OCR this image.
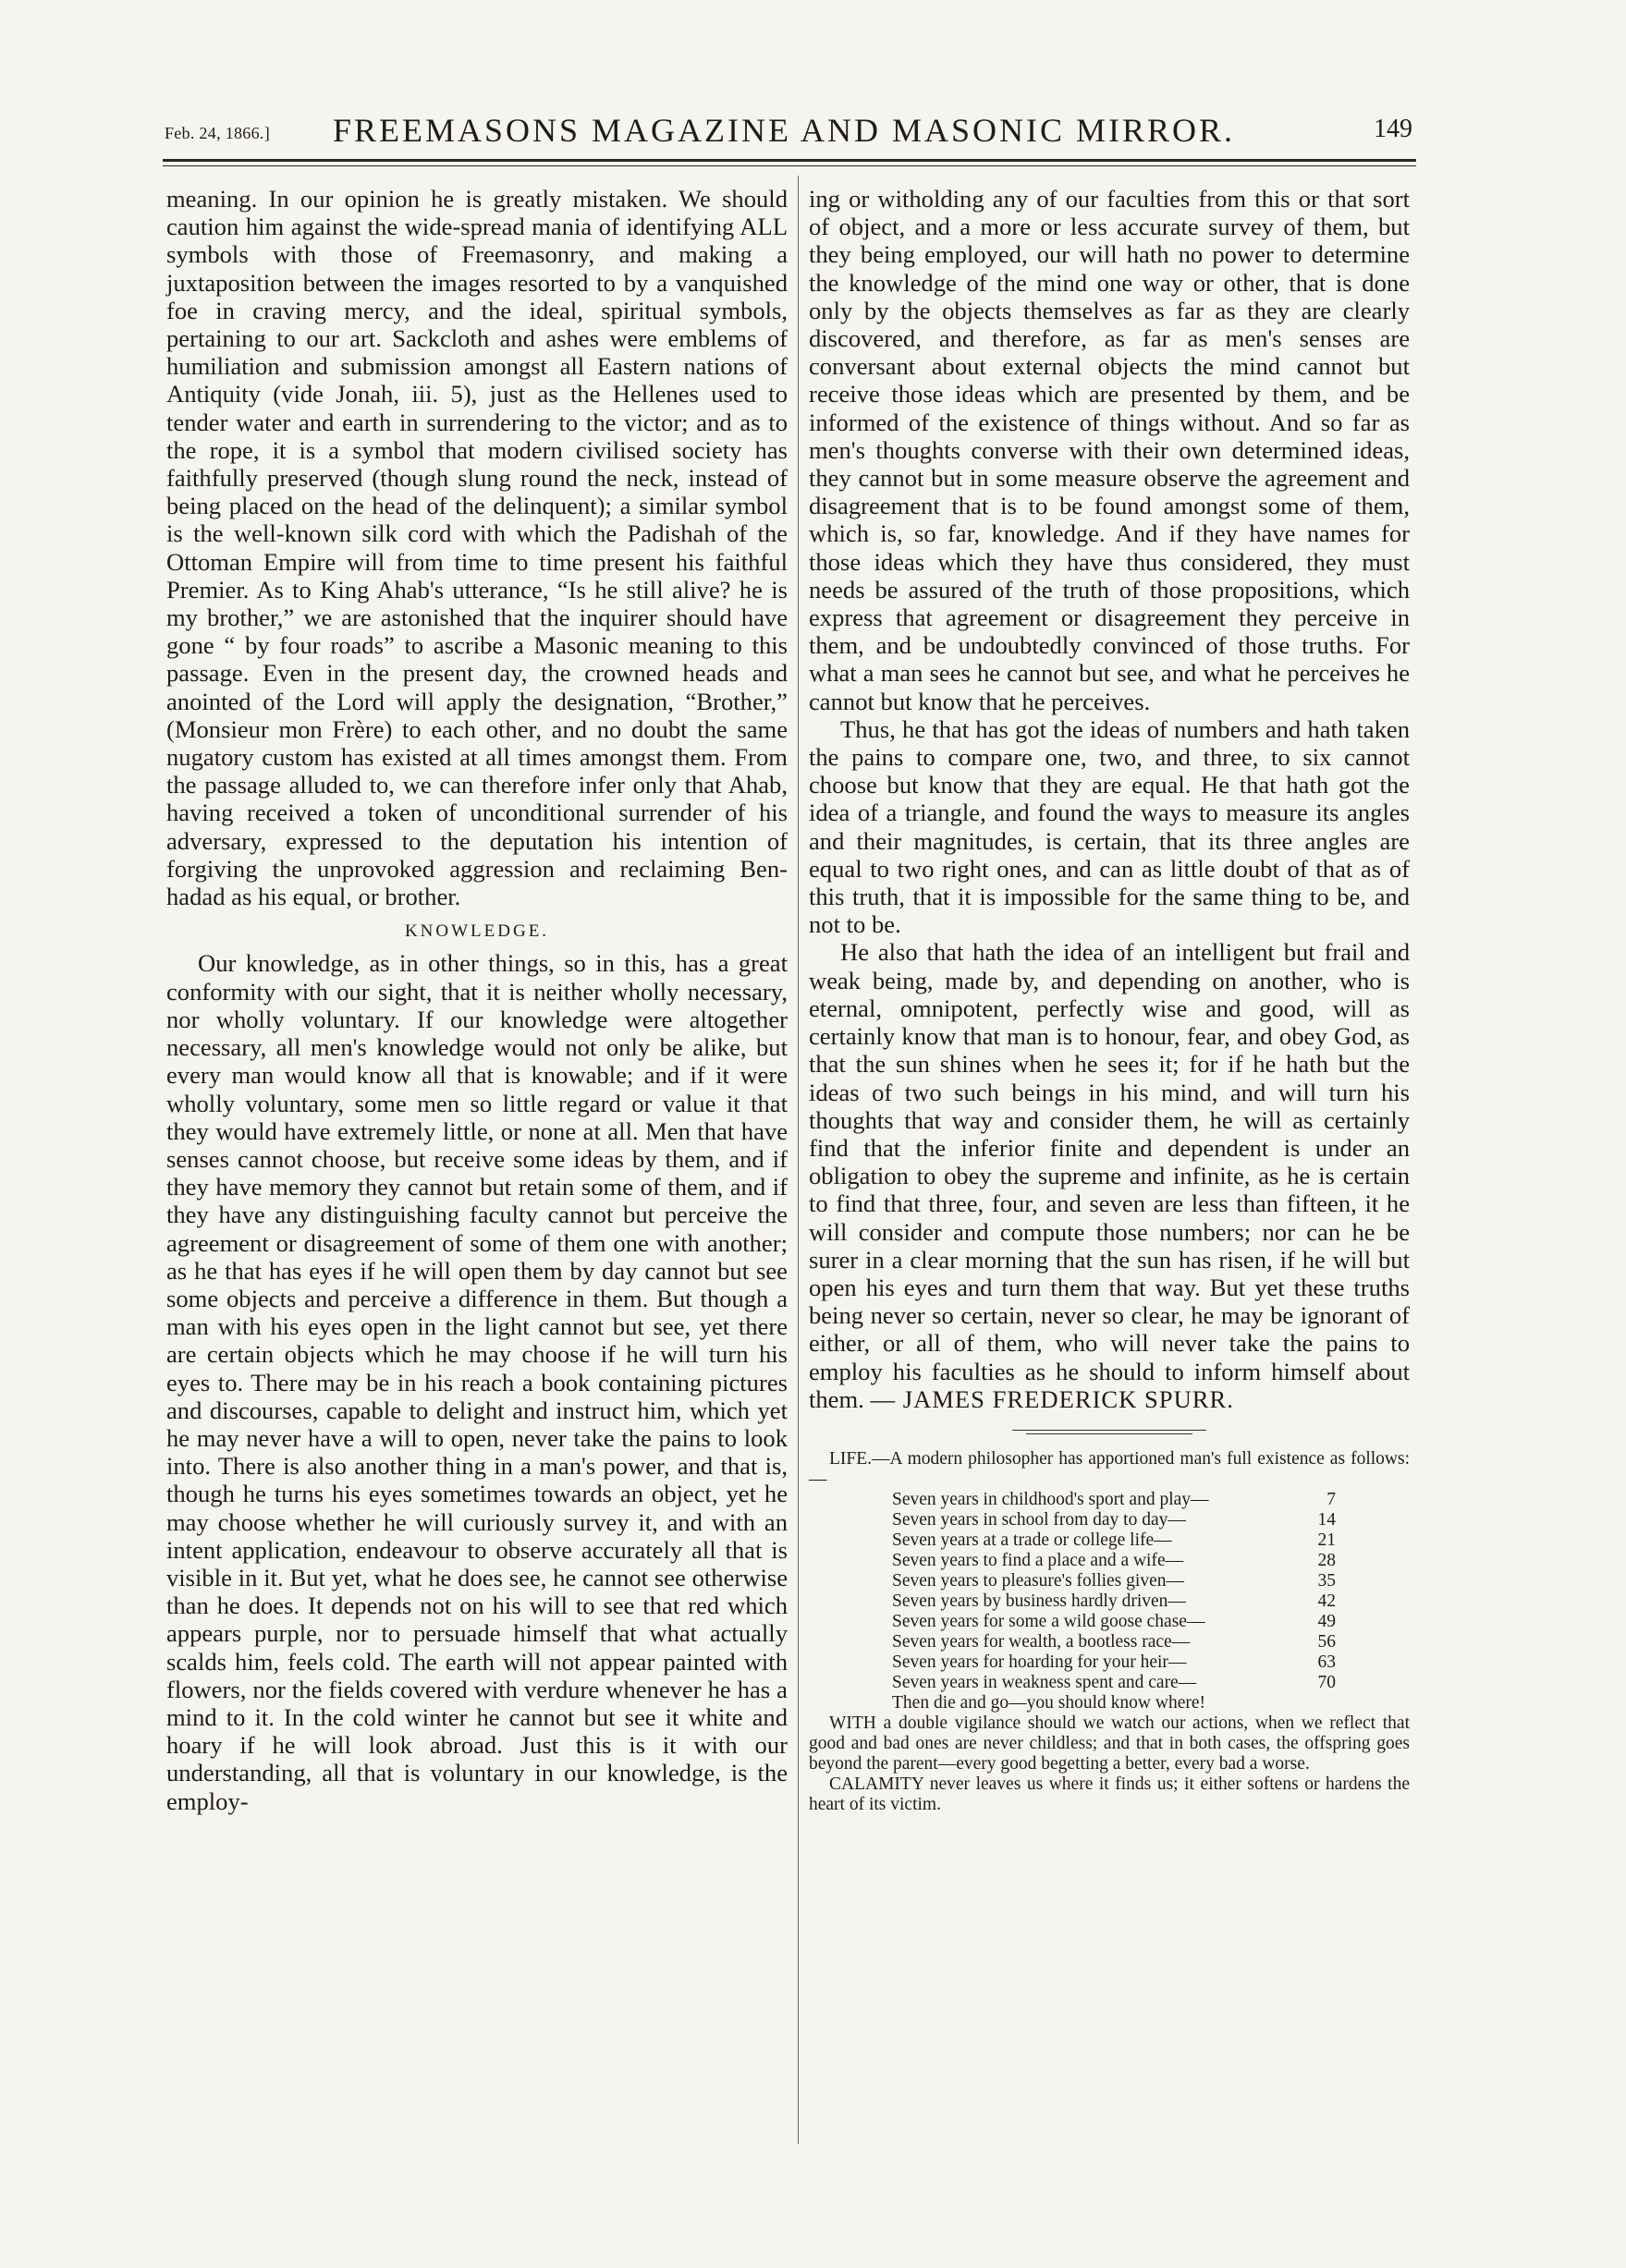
Feb. 24, 1866.]	FREEMASONS MAGAZINE AND MASONIC MIRROR.	149

meaning. In our opinion he is greatly mistaken. We should caution him against the wide-spread mania of identifying ALL symbols with those of Freemasonry, and making a juxtaposition between the images resorted to by a vanquished foe in craving mercy, and the ideal, spiritual symbols, pertaining to our art. Sackcloth and ashes were emblems of humiliation and submission amongst all Eastern nations of Antiquity (vide Jonah, iii. 5), just as the Hellenes used to tender water and earth in surrendering to the victor; and as to the rope, it is a symbol that modern civilised society has faithfully preserved (though slung round the neck, instead of being placed on the head of the delinquent); a similar symbol is the well-known silk cord with which the Padishah of the Ottoman Empire will from time to time present his faithful Premier. As to King Ahab's utterance, “Is he still alive? he is my brother,” we are astonished that the inquirer should have gone “ by four roads” to ascribe a Masonic meaning to this passage. Even in the present day, the crowned heads and anointed of the Lord will apply the designation, “Brother,” (Monsieur mon Frère) to each other, and no doubt the same nugatory custom has existed at all times amongst them. From the passage alluded to, we can therefore infer only that Ahab, having received a token of unconditional surrender of his adversary, expressed to the deputation his intention of forgiving the unprovoked aggression and reclaiming Ben-hadad as his equal, or brother.

KNOWLEDGE.

Our knowledge, as in other things, so in this, has a great conformity with our sight, that it is neither wholly necessary, nor wholly voluntary. If our knowledge were altogether necessary, all men's knowledge would not only be alike, but every man would know all that is knowable; and if it were wholly voluntary, some men so little regard or value it that they would have extremely little, or none at all. Men that have senses cannot choose, but receive some ideas by them, and if they have memory they cannot but retain some of them, and if they have any distinguishing faculty cannot but perceive the agreement or disagreement of some of them one with another; as he that has eyes if he will open them by day cannot but see some objects and perceive a difference in them. But though a man with his eyes open in the light cannot but see, yet there are certain objects which he may choose if he will turn his eyes to. There may be in his reach a book containing pictures and discourses, capable to delight and instruct him, which yet he may never have a will to open, never take the pains to look into. There is also another thing in a man's power, and that is, though he turns his eyes sometimes towards an object, yet he may choose whether he will curiously survey it, and with an intent application, endeavour to observe accurately all that is visible in it. But yet, what he does see, he cannot see otherwise than he does. It depends not on his will to see that red which appears purple, nor to persuade himself that what actually scalds him, feels cold. The earth will not appear painted with flowers, nor the fields covered with verdure whenever he has a mind to it. In the cold winter he cannot but see it white and hoary if he will look abroad. Just this is it with our understanding, all that is voluntary in our knowledge, is the employ-

ing or witholding any of our faculties from this or that sort of object, and a more or less accurate survey of them, but they being employed, our will hath no power to determine the knowledge of the mind one way or other, that is done only by the objects themselves as far as they are clearly discovered, and therefore, as far as men's senses are conversant about external objects the mind cannot but receive those ideas which are presented by them, and be informed of the existence of things without. And so far as men's thoughts converse with their own determined ideas, they cannot but in some measure observe the agreement and disagreement that is to be found amongst some of them, which is, so far, knowledge. And if they have names for those ideas which they have thus considered, they must needs be assured of the truth of those propositions, which express that agreement or disagreement they perceive in them, and be undoubtedly convinced of those truths. For what a man sees he cannot but see, and what he perceives he cannot but know that he perceives.

Thus, he that has got the ideas of numbers and hath taken the pains to compare one, two, and three, to six cannot choose but know that they are equal. He that hath got the idea of a triangle, and found the ways to measure its angles and their magnitudes, is certain, that its three angles are equal to two right ones, and can as little doubt of that as of this truth, that it is impossible for the same thing to be, and not to be.

He also that hath the idea of an intelligent but frail and weak being, made by, and depending on another, who is eternal, omnipotent, perfectly wise and good, will as certainly know that man is to honour, fear, and obey God, as that the sun shines when he sees it; for if he hath but the ideas of two such beings in his mind, and will turn his thoughts that way and consider them, he will as certainly find that the inferior finite and dependent is under an obligation to obey the supreme and infinite, as he is certain to find that three, four, and seven are less than fifteen, it he will consider and compute those numbers; nor can he be surer in a clear morning that the sun has risen, if he will but open his eyes and turn them that way. But yet these truths being never so certain, never so clear, he may be ignorant of either, or all of them, who will never take the pains to employ his faculties as he should to inform himself about them. — JAMES FREDERICK SPURR.

LIFE.—A modern philosopher has apportioned man's full existence as follows:—

Seven years in childhood's sport and play—	7
Seven years in school from day to day—	14
Seven years at a trade or college life—	21
Seven years to find a place and a wife—	28
Seven years to pleasure's follies given—	35
Seven years by business hardly driven—	42
Seven years for some a wild goose chase—	49
Seven years for wealth, a bootless race—	56
Seven years for hoarding for your heir—	63
Seven years in weakness spent and care—	70
Then die and go—you should know where!

WITH a double vigilance should we watch our actions, when we reflect that good and bad ones are never childless; and that in both cases, the offspring goes beyond the parent—every good begetting a better, every bad a worse.

CALAMITY never leaves us where it finds us; it either softens or hardens the heart of its victim.
